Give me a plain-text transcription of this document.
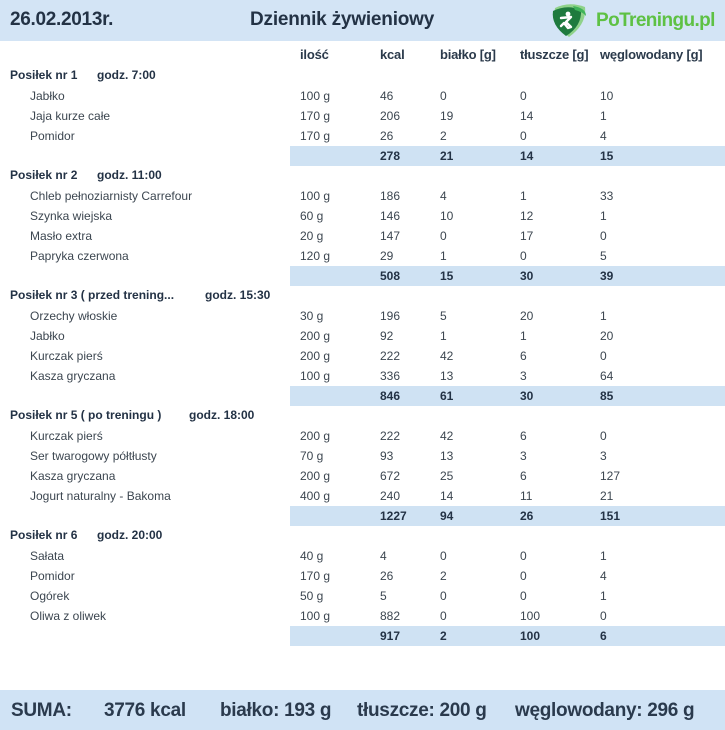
26.02.2013r.	Dziennik żywieniowy	PoTreningu.pl
ilość	kcal	białko [g] tłuszcze [g] węglowodany [g]
Posiłek nr 1 godz. 7:00
Jabłko	100 g	46	0	0	10
Jaja kurze całe	170 g	206	19	14	1
Pomidor	170 g	26	2	0	4
278	21	14	15
Posiłek nr 2 godz. 11:00
Chleb pełnoziarnisty Carrefour	100 g	186	4	1	33
Szynka wiejska	60 g	146	10	12	1
Masło extra	20 g	147	0	17	0
Papryka czerwona	120 g	29	1	0	5
508	15	30	39
Posiłek nr 3 ( przed trening...	godz. 15:30
Orzechy włoskie	30 g	196	5	20	1
Jabłko	200 g	92	1	1	20
Kurczak pierś	200 g	222	42	6	0
Kasza gryczana	100 g	336	13	3	64
846	61	30	85
Posiłek nr 5 ( po treningu ) godz. 18:00
Kurczak pierś	200 g	222	42	6	0
Ser twarogowy półtłusty	70 g	93	13	3	3
Kasza gryczana	200 g	672	25	6	127
Jogurt naturalny - Bakoma	400 g	240	14	11	21
1227	94	26	151
Posiłek nr 6 godz. 20:00
Sałata	40 g	4	0	0	1
Pomidor	170 g	26	2	0	4
Ogórek	50 g	5	0	0	1
Oliwa z oliwek	100 g	882	0	100	0
917	2	100	6
SUMA: 3776 kcal białko: 193 g tłuszcze: 200 g węglowodany: 296 g
